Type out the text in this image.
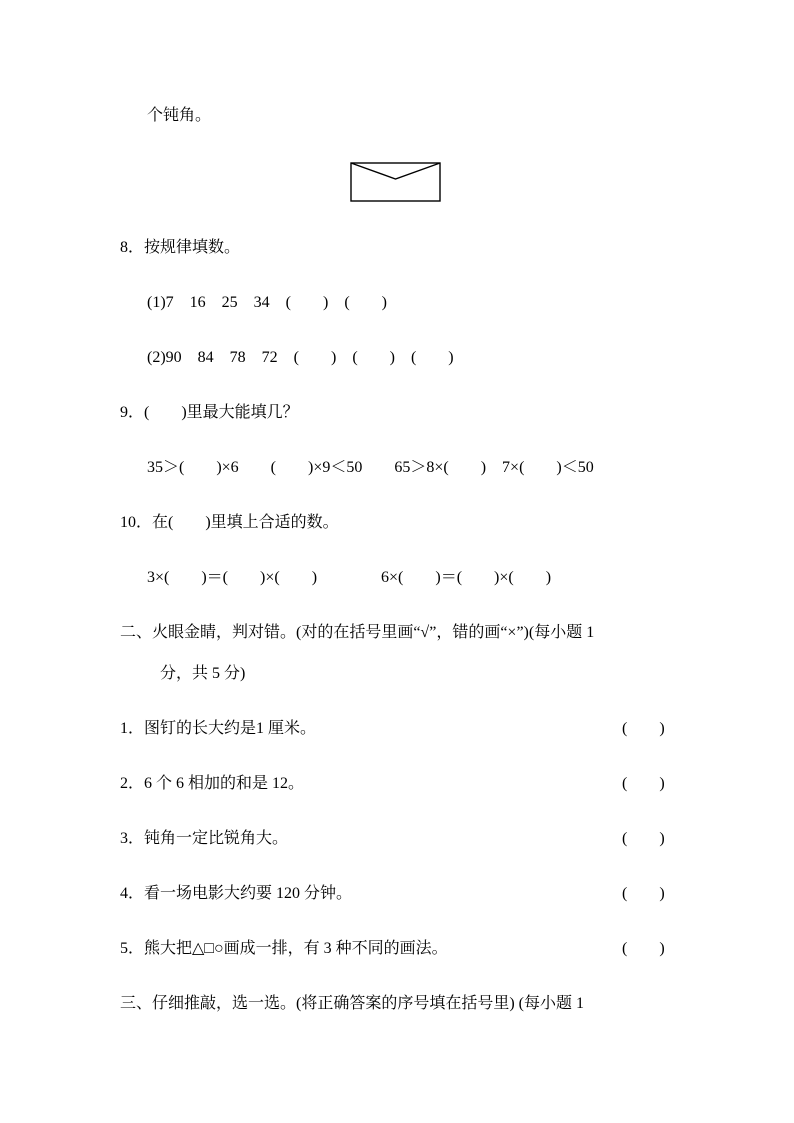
个钝角。
8．按规律填数。
(1)7    16    25    34    (        )    (        )
(2)90    84    78    72    (        )    (        )    (        )
9．(        )里最大能填几？
35＞(        )×6        (        )×9＜50        65＞8×(        )    7×(        )＜50
10．在(        )里填上合适的数。
3×(        )＝(        )×(        )                6×(        )＝(        )×(        )
二、火眼金睛，判对错。(对的在括号里画“√”，错的画“×”)(每小题 1
分，共 5 分)
1．图钉的长大约是1 厘米。	(        )
2．6 个 6 相加的和是 12。	(        )
3．钝角一定比锐角大。	(        )
4．看一场电影大约要 120 分钟。	(        )
5．熊大把△□○画成一排，有 3 种不同的画法。	(        )
三、仔细推敲，选一选。(将正确答案的序号填在括号里) (每小题 1
